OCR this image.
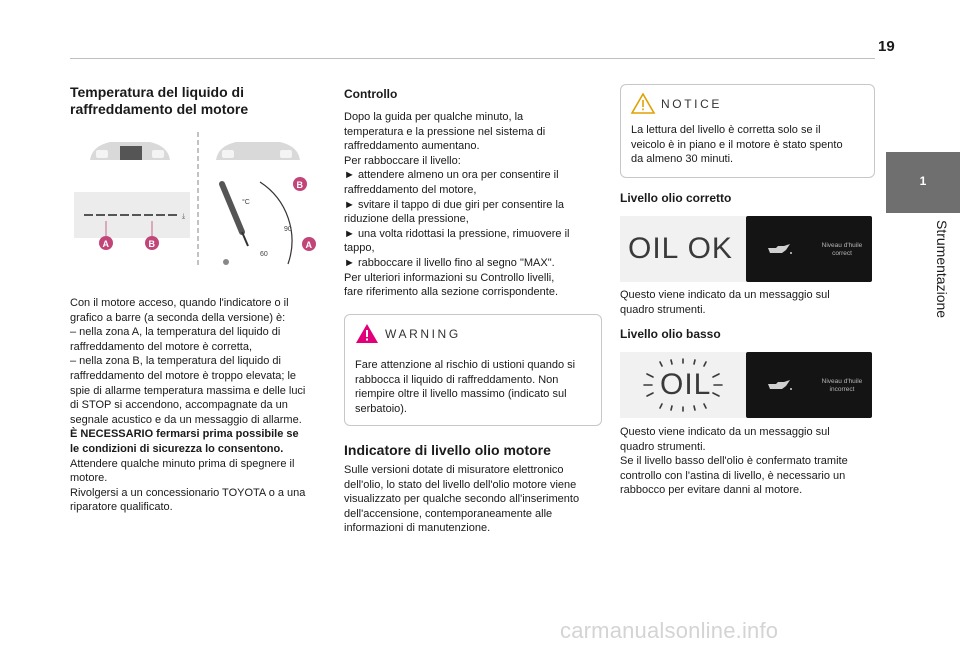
19
1
Strumentazione
Temperatura del liquido di raffreddamento del motore
⤓
A	B
°C
90
60
B
A
Con il motore acceso, quando l'indicatore o il
grafico a barre (a seconda della versione) è:
– nella zona A, la temperatura del liquido di
raffreddamento del motore è corretta,
– nella zona B, la temperatura del liquido di
raffreddamento del motore è troppo elevata; le
spie di allarme temperatura massima e delle luci
di STOP si accendono, accompagnate da un
segnale acustico e da un messaggio di allarme.
È NECESSARIO fermarsi prima possibile se
le condizioni di sicurezza lo consentono.
Attendere qualche minuto prima di spegnere il
motore.
Rivolgersi a un concessionario TOYOTA o a una
riparatore qualificato.
Controllo
Dopo la guida per qualche minuto, la
temperatura e la pressione nel sistema di
raffreddamento aumentano.
Per rabboccare il livello:
► attendere almeno un ora per consentire il
raffreddamento del motore,
► svitare il tappo di due giri per consentire la
riduzione della pressione,
► una volta ridottasi la pressione, rimuovere il
tappo,
► rabboccare il livello fino al segno "MAX".
Per ulteriori informazioni su Controllo livelli,
fare riferimento alla sezione corrispondente.
WARNING
Fare attenzione al rischio di ustioni quando si
rabbocca il liquido di raffreddamento. Non
riempire oltre il livello massimo (indicato sul
serbatoio).
Indicatore di livello olio motore
Sulle versioni dotate di misuratore elettronico
dell'olio, lo stato del livello dell'olio motore viene
visualizzato per qualche secondo all'inserimento
dell'accensione, contemporaneamente alle
informazioni di manutenzione.
NOTICE
La lettura del livello è corretta solo se il
veicolo è in piano e il motore è stato spento
da almeno 30 minuti.
Livello olio corretto
OIL OK	Niveau d'huile
correct
Questo viene indicato da un messaggio sul
quadro strumenti.
Livello olio basso
OIL	Niveau d'huile
incorrect
Questo viene indicato da un messaggio sul
quadro strumenti.
Se il livello basso dell'olio è confermato tramite
controllo con l'astina di livello, è necessario un
rabbocco per evitare danni al motore.
carmanualsonline.info
